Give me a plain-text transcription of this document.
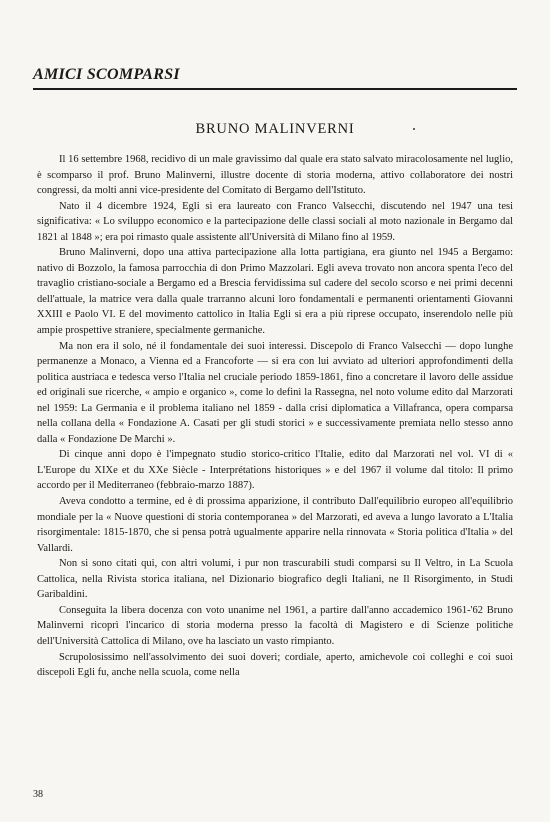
AMICI SCOMPARSI
BRUNO MALINVERNI

Il 16 settembre 1968, recidivo di un male gravissimo dal quale era stato salvato miracolosamente nel luglio, è scomparso il prof. Bruno Malinverni, illustre docente di storia moderna, attivo collaboratore dei nostri congressi, da molti anni vice-presidente del Comitato di Bergamo dell'Istituto.

Nato il 4 dicembre 1924, Egli si era laureato con Franco Valsecchi, discutendo nel 1947 una tesi significativa: « Lo sviluppo economico e la partecipazione delle classi sociali al moto nazionale in Bergamo dal 1821 al 1848 »; era poi rimasto quale assistente all'Università di Milano fino al 1959.

Bruno Malinverni, dopo una attiva partecipazione alla lotta partigiana, era giunto nel 1945 a Bergamo: nativo di Bozzolo, la famosa parrocchia di don Primo Mazzolari. Egli aveva trovato non ancora spenta l'eco del travaglio cristiano-sociale a Bergamo ed a Brescia fervidissima sul cadere del secolo scorso e nei primi decenni dell'attuale, la matrice vera dalla quale trarranno alcuni loro fondamentali e permanenti orientamenti Giovanni XXIII e Paolo VI. E del movimento cattolico in Italia Egli si era a più riprese occupato, inserendolo nelle più ampie prospettive straniere, specialmente germaniche.

Ma non era il solo, né il fondamentale dei suoi interessi. Discepolo di Franco Valsecchi — dopo lunghe permanenze a Monaco, a Vienna ed a Francoforte — si era con lui avviato ad ulteriori approfondimenti della politica austriaca e tedesca verso l'Italia nel cruciale periodo 1859-1861, fino a concretare il lavoro delle assidue ed originali sue ricerche, « ampio e organico », come lo definì la Rassegna, nel noto volume edito dal Marzorati nel 1959: La Germania e il problema italiano nel 1859 - dalla crisi diplomatica a Villafranca, opera comparsa nella collana della « Fondazione A. Casati per gli studi storici » e successivamente premiata nello stesso anno dalla « Fondazione De Marchi ».

Di cinque anni dopo è l'impegnato studio storico-critico l'Italie, edito dal Marzorati nel vol. VI di « L'Europe du XIXe et du XXe Siècle - Interprétations historiques » e del 1967 il volume dal titolo: Il primo accordo per il Mediterraneo (febbraio-marzo 1887).

Aveva condotto a termine, ed è di prossima apparizione, il contributo Dall'equilibrio europeo all'equilibrio mondiale per la « Nuove questioni di storia contemporanea » del Marzorati, ed aveva a lungo lavorato a L'Italia risorgimentale: 1815-1870, che si pensa potrà ugualmente apparire nella rinnovata « Storia politica d'Italia » del Vallardi.

Non si sono citati qui, con altri volumi, i pur non trascurabili studi comparsi su Il Veltro, in La Scuola Cattolica, nella Rivista storica italiana, nel Dizionario biografico degli Italiani, ne Il Risorgimento, in Studi Garibaldini.

Conseguita la libera docenza con voto unanime nel 1961, a partire dall'anno accademico 1961-'62 Bruno Malinverni ricoprì l'incarico di storia moderna presso la facoltà di Magistero e di Scienze politiche dell'Università Cattolica di Milano, ove ha lasciato un vasto rimpianto.

Scrupolosissimo nell'assolvimento dei suoi doveri; cordiale, aperto, amichevole coi colleghi e coi suoi discepoli Egli fu, anche nella scuola, come nella

38
